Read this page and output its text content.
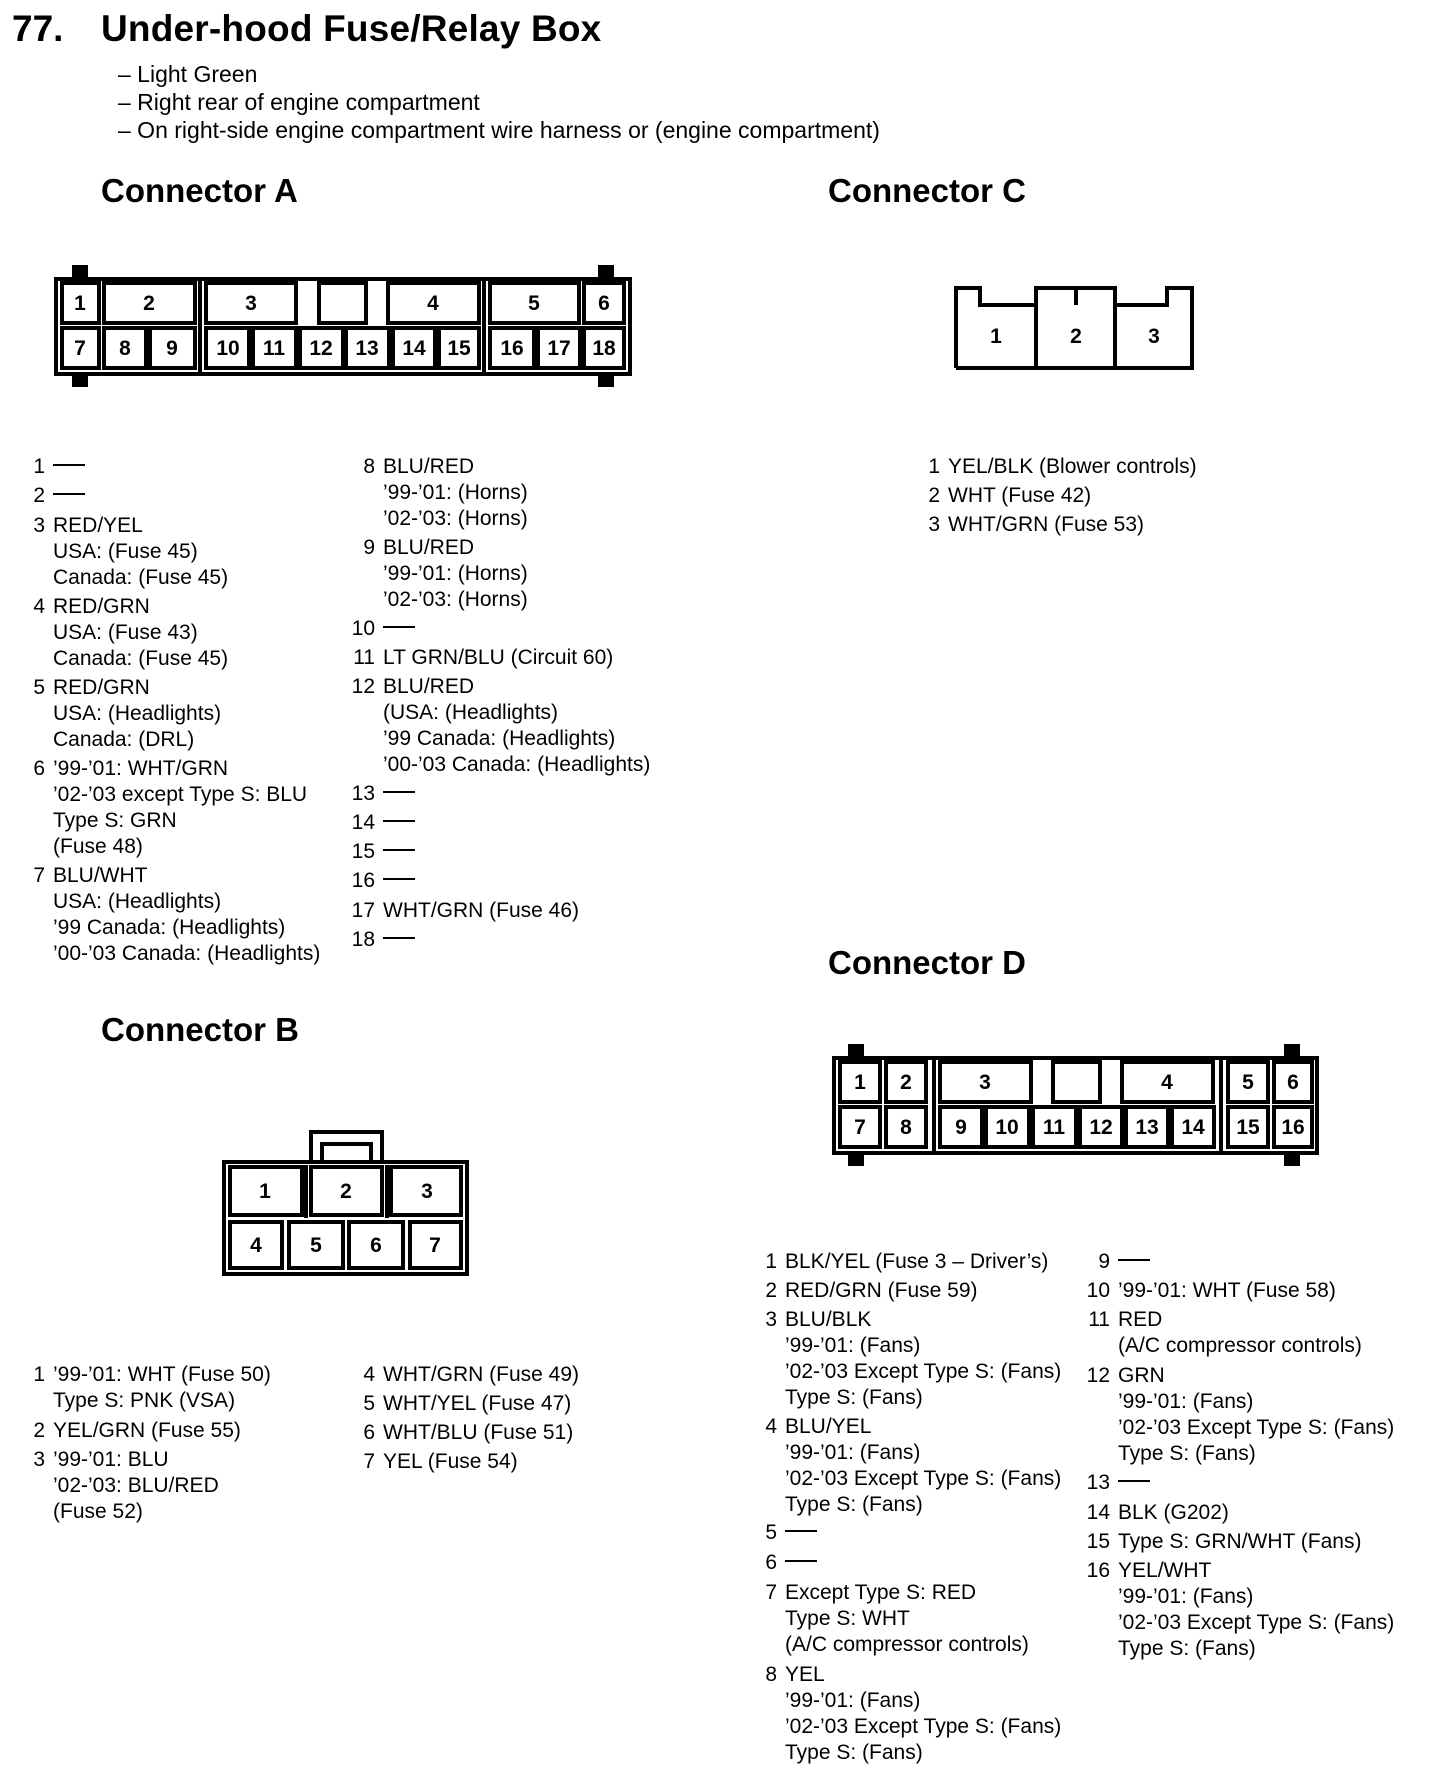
77. Under-hood Fuse/Relay Box
– Light Green
– Right rear of engine compartment
– On right-side engine compartment wire harness or (engine compartment)
Connector A	Connector C
Connector D
Connector B
1	2	3	4	5	6
7 8 9 10 11 12 13 14 15 16 17 18
1	2	3
1 2	3	4	5 6
7 8 9 10 11 12 13 14 15 16
1	2	3
4 5 6 7
1
2
3 RED/YEL
USA: (Fuse 45)
Canada: (Fuse 45)
4 RED/GRN
USA: (Fuse 43)
Canada: (Fuse 45)
5 RED/GRN
USA: (Headlights)
Canada: (DRL)
6 ’99-’01: WHT/GRN
’02-’03 except Type S: BLU
Type S: GRN
(Fuse 48)
7 BLU/WHT
USA: (Headlights)
’99 Canada: (Headlights)
’00-’03 Canada: (Headlights)
8 BLU/RED
’99-’01: (Horns)
’02-’03: (Horns)
9 BLU/RED
’99-’01: (Horns)
’02-’03: (Horns)
10
11 LT GRN/BLU (Circuit 60)
12 BLU/RED
(USA: (Headlights)
’99 Canada: (Headlights)
’00-’03 Canada: (Headlights)
13
14
15
16
17 WHT/GRN (Fuse 46)
18
1 YEL/BLK (Blower controls)
2 WHT (Fuse 42)
3 WHT/GRN (Fuse 53)
1 ’99-’01: WHT (Fuse 50)
Type S: PNK (VSA)
2 YEL/GRN (Fuse 55)
3 ’99-’01: BLU
’02-’03: BLU/RED
(Fuse 52)
4 WHT/GRN (Fuse 49)
5 WHT/YEL (Fuse 47)
6 WHT/BLU (Fuse 51)
7 YEL (Fuse 54)
1 BLK/YEL (Fuse 3 – Driver’s)
2 RED/GRN (Fuse 59)
3 BLU/BLK
’99-’01: (Fans)
’02-’03 Except Type S: (Fans)
Type S: (Fans)
4 BLU/YEL
’99-’01: (Fans)
’02-’03 Except Type S: (Fans)
Type S: (Fans)
5
6
7 Except Type S: RED
Type S: WHT
(A/C compressor controls)
8 YEL
’99-’01: (Fans)
’02-’03 Except Type S: (Fans)
Type S: (Fans)
9
10 ’99-’01: WHT (Fuse 58)
11 RED
(A/C compressor controls)
12 GRN
’99-’01: (Fans)
’02-’03 Except Type S: (Fans)
Type S: (Fans)
13
14 BLK (G202)
15 Type S: GRN/WHT (Fans)
16 YEL/WHT
’99-’01: (Fans)
’02-’03 Except Type S: (Fans)
Type S: (Fans)
